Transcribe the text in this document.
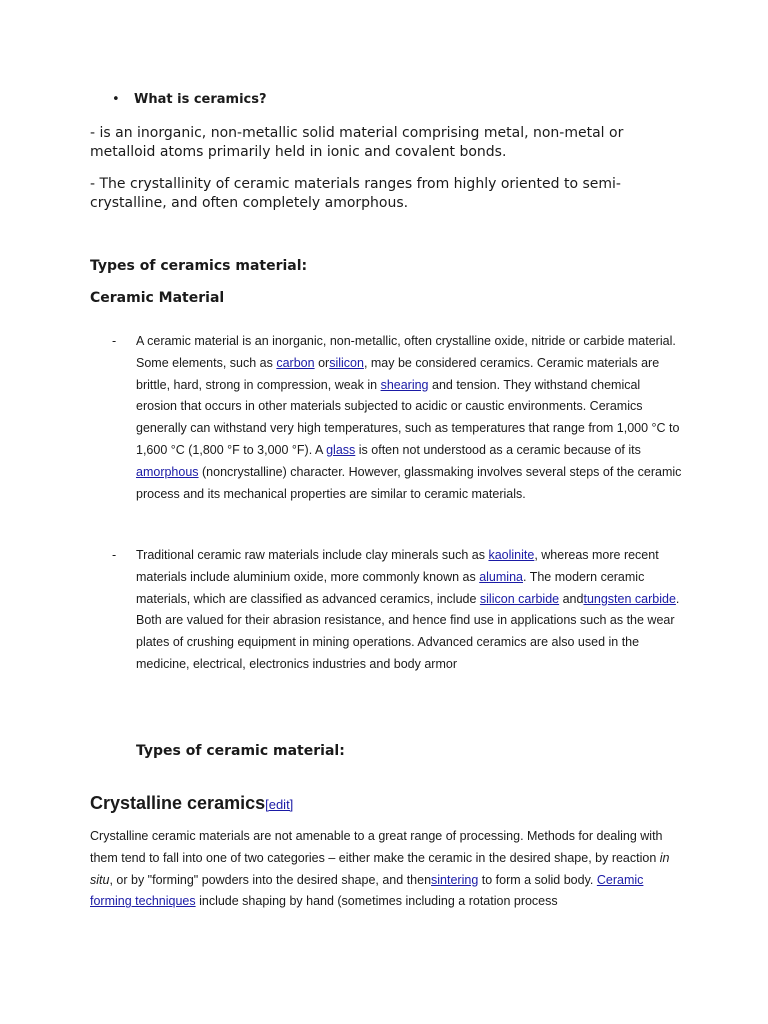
• What is ceramics?
- is an inorganic, non-metallic solid material comprising metal, non-metal or metalloid atoms primarily held in ionic and covalent bonds.
- The crystallinity of ceramic materials ranges from highly oriented to semi-crystalline, and often completely amorphous.
Types of ceramics material:
Ceramic Material
- A ceramic material is an inorganic, non-metallic, often crystalline oxide, nitride or carbide material. Some elements, such as carbon orsilicon, may be considered ceramics. Ceramic materials are brittle, hard, strong in compression, weak in shearing and tension. They withstand chemical erosion that occurs in other materials subjected to acidic or caustic environments. Ceramics generally can withstand very high temperatures, such as temperatures that range from 1,000 °C to 1,600 °C (1,800 °F to 3,000 °F). A glass is often not understood as a ceramic because of its amorphous (noncrystalline) character. However, glassmaking involves several steps of the ceramic process and its mechanical properties are similar to ceramic materials.
- Traditional ceramic raw materials include clay minerals such as kaolinite, whereas more recent materials include aluminium oxide, more commonly known as alumina. The modern ceramic materials, which are classified as advanced ceramics, include silicon carbide andtungsten carbide. Both are valued for their abrasion resistance, and hence find use in applications such as the wear plates of crushing equipment in mining operations. Advanced ceramics are also used in the medicine, electrical, electronics industries and body armor
Types of ceramic material:
Crystalline ceramics[edit]
Crystalline ceramic materials are not amenable to a great range of processing. Methods for dealing with them tend to fall into one of two categories – either make the ceramic in the desired shape, by reaction in situ, or by "forming" powders into the desired shape, and thensintering to form a solid body. Ceramic forming techniques include shaping by hand (sometimes including a rotation process
